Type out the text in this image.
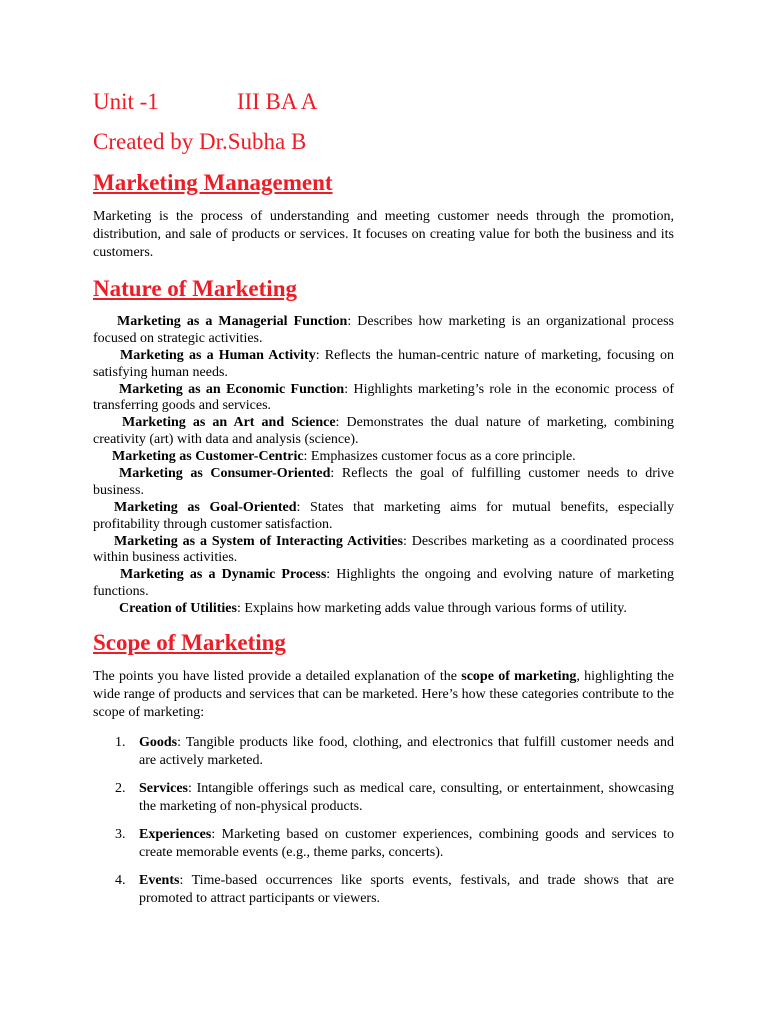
Unit -1	III BA A
Created by Dr.Subha B
Marketing Management

Marketing is the process of understanding and meeting customer needs through the promotion, distribution, and sale of products or services. It focuses on creating value for both the business and its customers.

Nature of Marketing
Marketing as a Managerial Function: Describes how marketing is an organizational process focused on strategic activities.
Marketing as a Human Activity: Reflects the human-centric nature of marketing, focusing on satisfying human needs.
Marketing as an Economic Function: Highlights marketing’s role in the economic process of transferring goods and services.
Marketing as an Art and Science: Demonstrates the dual nature of marketing, combining creativity (art) with data and analysis (science).
Marketing as Customer-Centric: Emphasizes customer focus as a core principle.
Marketing as Consumer-Oriented: Reflects the goal of fulfilling customer needs to drive business.
Marketing as Goal-Oriented: States that marketing aims for mutual benefits, especially profitability through customer satisfaction.
Marketing as a System of Interacting Activities: Describes marketing as a coordinated process within business activities.
Marketing as a Dynamic Process: Highlights the ongoing and evolving nature of marketing functions.
Creation of Utilities: Explains how marketing adds value through various forms of utility.
Scope of Marketing

The points you have listed provide a detailed explanation of the scope of marketing, highlighting the wide range of products and services that can be marketed. Here’s how these categories contribute to the scope of marketing:

1. Goods: Tangible products like food, clothing, and electronics that fulfill customer needs and are actively marketed.
2. Services: Intangible offerings such as medical care, consulting, or entertainment, showcasing the marketing of non-physical products.
3. Experiences: Marketing based on customer experiences, combining goods and services to create memorable events (e.g., theme parks, concerts).
4. Events: Time-based occurrences like sports events, festivals, and trade shows that are promoted to attract participants or viewers.
